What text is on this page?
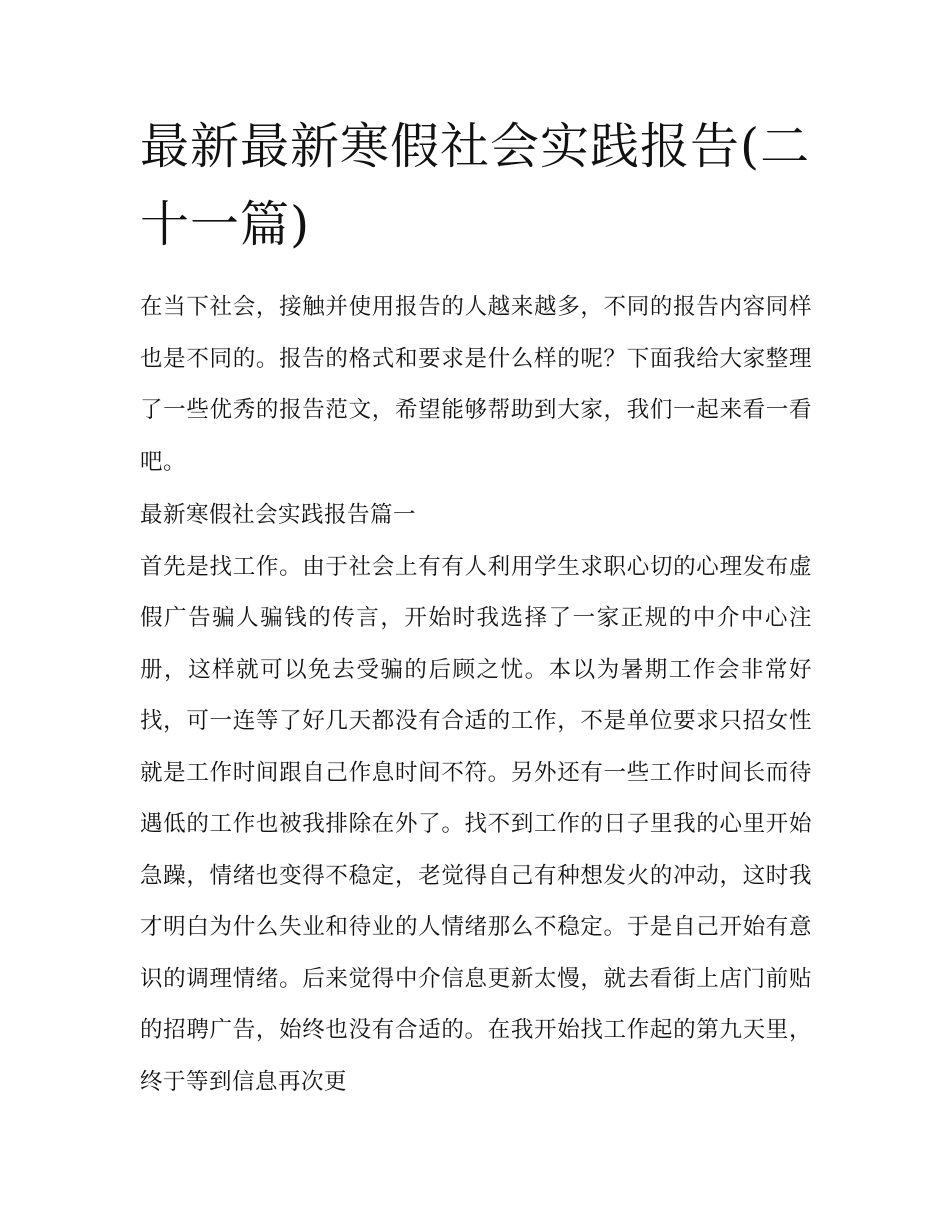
最新最新寒假社会实践报告(二十一篇)

在当下社会，接触并使用报告的人越来越多，不同的报告内容同样也是不同的。报告的格式和要求是什么样的呢？下面我给大家整理了一些优秀的报告范文，希望能够帮助到大家，我们一起来看一看吧。

最新寒假社会实践报告篇一

首先是找工作。由于社会上有有人利用学生求职心切的心理发布虚假广告骗人骗钱的传言，开始时我选择了一家正规的中介中心注册，这样就可以免去受骗的后顾之忧。本以为暑期工作会非常好找，可一连等了好几天都没有合适的工作，不是单位要求只招女性就是工作时间跟自己作息时间不符。另外还有一些工作时间长而待遇低的工作也被我排除在外了。找不到工作的日子里我的心里开始急躁，情绪也变得不稳定，老觉得自己有种想发火的冲动，这时我才明白为什么失业和待业的人情绪那么不稳定。于是自己开始有意识的调理情绪。后来觉得中介信息更新太慢，就去看街上店门前贴的招聘广告，始终也没有合适的。在我开始找工作起的第九天里，终于等到信息再次更
